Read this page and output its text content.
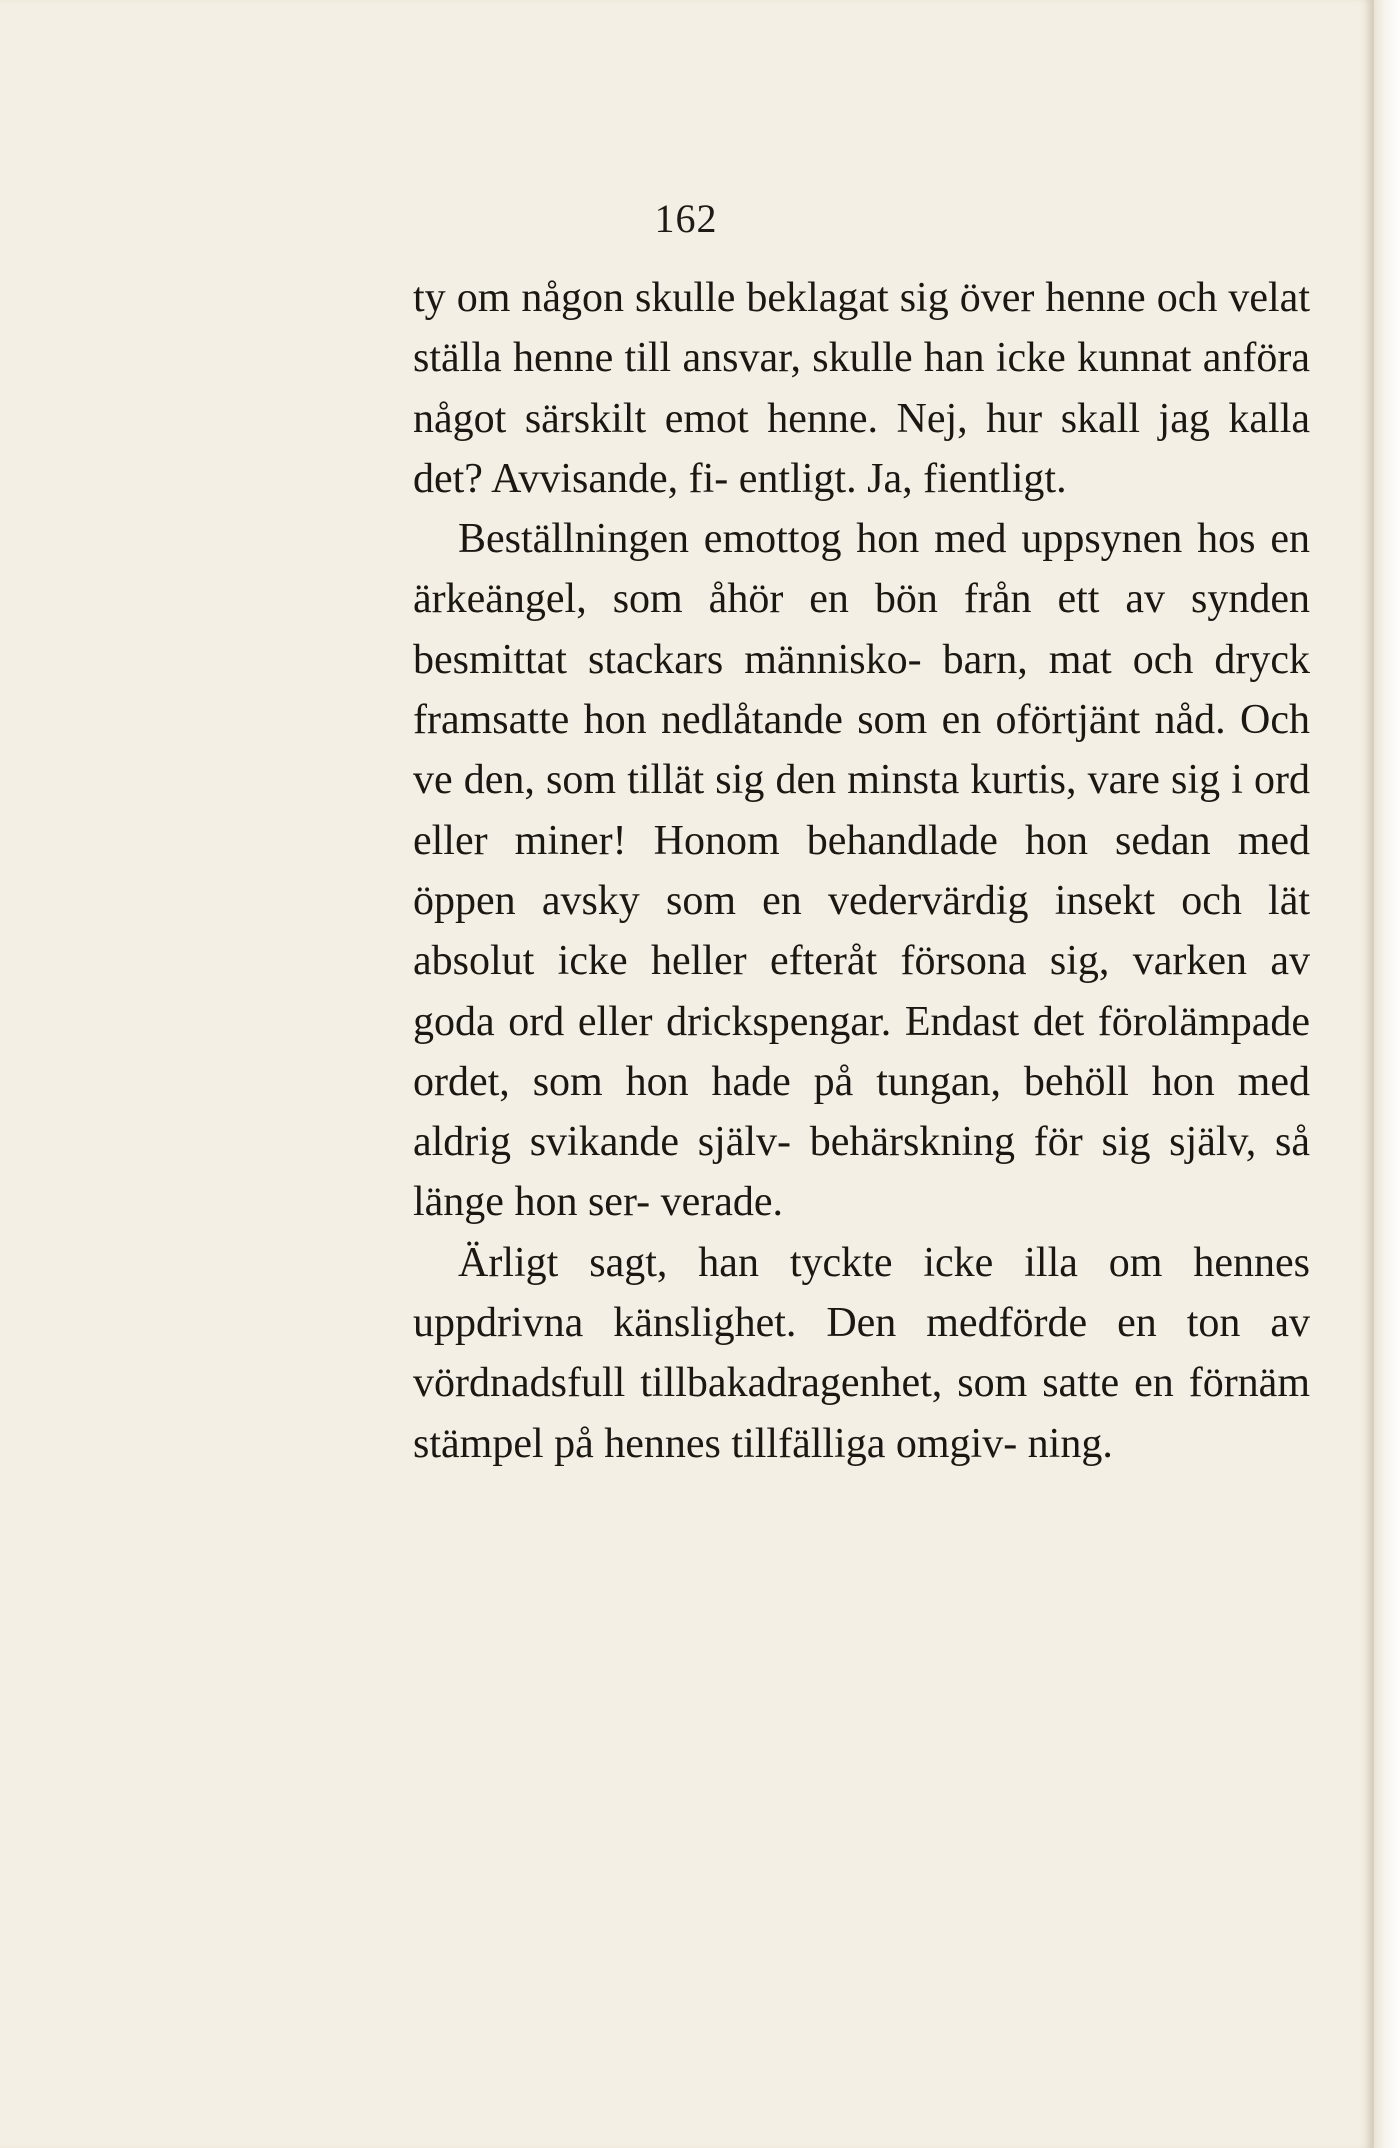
162

ty om någon skulle beklagat sig över henne och velat ställa henne till ansvar, skulle han icke kunnat anföra något särskilt emot henne. Nej, hur skall jag kalla det? Avvisande, fi- entligt. Ja, fientligt.

Beställningen emottog hon med uppsynen hos en ärkeängel, som åhör en bön från ett av synden besmittat stackars människo- barn, mat och dryck framsatte hon nedlåtande som en oförtjänt nåd. Och ve den, som tillät sig den minsta kurtis, vare sig i ord eller miner! Honom behandlade hon sedan med öppen avsky som en vedervärdig insekt och lät absolut icke heller efteråt försona sig, varken av goda ord eller drickspengar. Endast det förolämpade ordet, som hon hade på tungan, behöll hon med aldrig svikande själv- behärskning för sig själv, så länge hon ser- verade.

Ärligt sagt, han tyckte icke illa om hennes uppdrivna känslighet. Den medförde en ton av vördnadsfull tillbakadragenhet, som satte en förnäm stämpel på hennes tillfälliga omgiv- ning.
